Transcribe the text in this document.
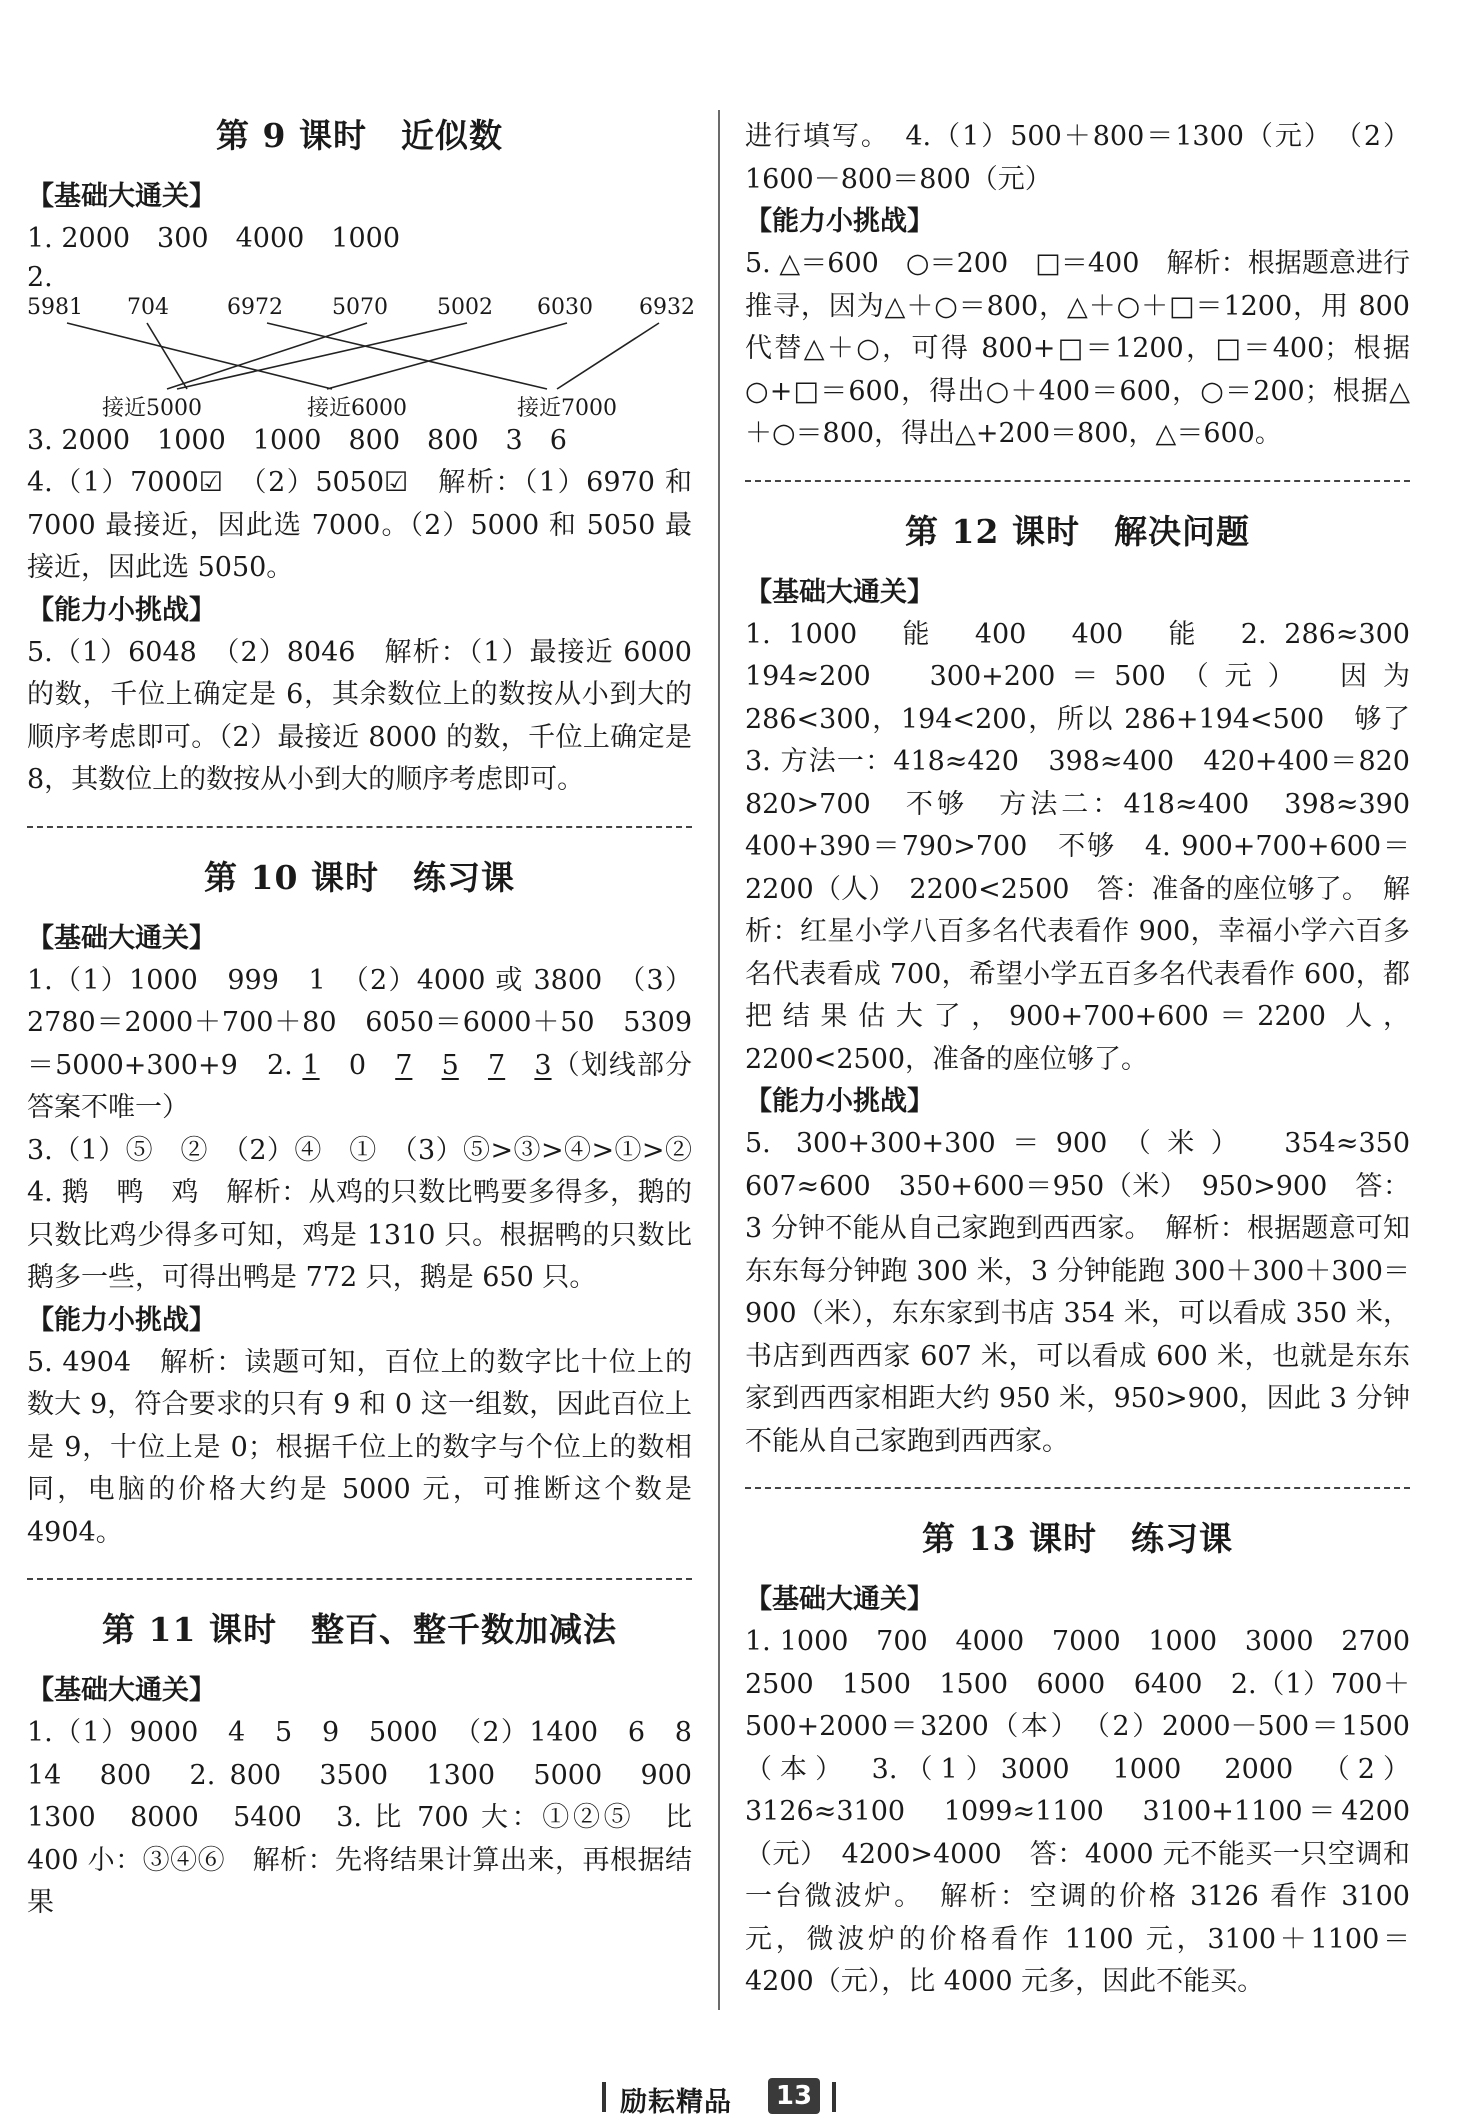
第 9 课时　近似数
【基础大通关】

1. 2000　300　4000　1000

2.

5981 704	6972 5070 5002 6030 6932
接近5000	接近6000	接近7000

3. 2000　1000　1000　800　800　3　6

4.（1）7000☑　（2）5050☑　解析：（1）6970 和 7000 最接近，因此选 7000。（2）5000 和 5050 最接近，因此选 5050。

【能力小挑战】

5.（1）6048　（2）8046　解析：（1）最接近 6000 的数，千位上确定是 6，其余数位上的数按从小到大的顺序考虑即可。（2）最接近 8000 的数，千位上确定是 8，其数位上的数按从小到大的顺序考虑即可。

第 10 课时　练习课
【基础大通关】

1.（1）1000　999　1　（2）4000 或 3800　（3）2780＝2000＋700＋80　6050＝6000＋50　5309＝5000+300+9　2. 1　 0　 7　 5　 7　 3（划线部分答案不唯一）

3.（1）⑤　②　（2）④　①　（3）⑤>③>④>①>②　4. 鹅　鸭　鸡　解析：从鸡的只数比鸭要多得多，鹅的只数比鸡少得多可知，鸡是 1310 只。根据鸭的只数比鹅多一些，可得出鸭是 772 只，鹅是 650 只。

【能力小挑战】

5. 4904　解析：读题可知，百位上的数字比十位上的数大 9，符合要求的只有 9 和 0 这一组数，因此百位上是 9，十位上是 0；根据千位上的数字与个位上的数相同，电脑的价格大约是 5000 元，可推断这个数是 4904。

第 11 课时　整百、整千数加减法
【基础大通关】

1.（1）9000　4　5　9　5000　（2）1400　6　8　14　800　2. 800　3500　1300　5000　900　1300　8000　5400　3. 比 700 大：①②⑤　比 400 小：③④⑥　解析：先将结果计算出来，再根据结果

进行填写。　4.（1）500＋800＝1300（元）　（2）1600－800＝800（元）

【能力小挑战】

5. △＝600　○＝200　□＝400　解析：根据题意进行推寻，因为△＋○＝800，△＋○＋□＝1200，用 800 代替△＋○，可得 800+□＝1200，□＝400；根据○+□＝600，得出○＋400＝600，○＝200；根据△＋○＝800，得出△+200＝800，△＝600。

第 12 课时　解决问题
【基础大通关】

1. 1000　能　400　400　能　2. 286≈300　194≈200　300+200＝500（元）　因为 286<300，194<200，所以 286+194<500　够了　3. 方法一：418≈420　398≈400　420+400＝820　820>700　不够　方法二：418≈400　398≈390　400+390＝790>700　不够　4. 900+700+600＝2200（人）　2200<2500　答：准备的座位够了。　解析：红星小学八百多名代表看作 900，幸福小学六百多名代表看成 700，希望小学五百多名代表看作 600，都把结果估大了，900+700+600＝2200 人，2200<2500，准备的座位够了。

【能力小挑战】

5. 300+300+300＝900（米）　354≈350　607≈600　350+600＝950（米）　950>900　答：3 分钟不能从自己家跑到西西家。　解析：根据题意可知东东每分钟跑 300 米，3 分钟能跑 300＋300＋300＝900（米），东东家到书店 354 米，可以看成 350 米，书店到西西家 607 米，可以看成 600 米，也就是东东家到西西家相距大约 950 米，950>900，因此 3 分钟不能从自己家跑到西西家。

第 13 课时　练习课
【基础大通关】

1. 1000　700　4000　7000　1000　3000　2700　2500　1500　1500　6000　6400　2.（1）700＋500+2000＝3200（本）　（2）2000－500＝1500（本）　3.（1）3000　1000　2000　（2）3126≈3100　1099≈1100　3100+1100＝4200（元）　4200>4000　答：4000 元不能买一只空调和一台微波炉。　解析：空调的价格 3126 看作 3100 元，微波炉的价格看作 1100 元，3100＋1100＝4200（元），比 4000 元多，因此不能买。

励耘精品	13
